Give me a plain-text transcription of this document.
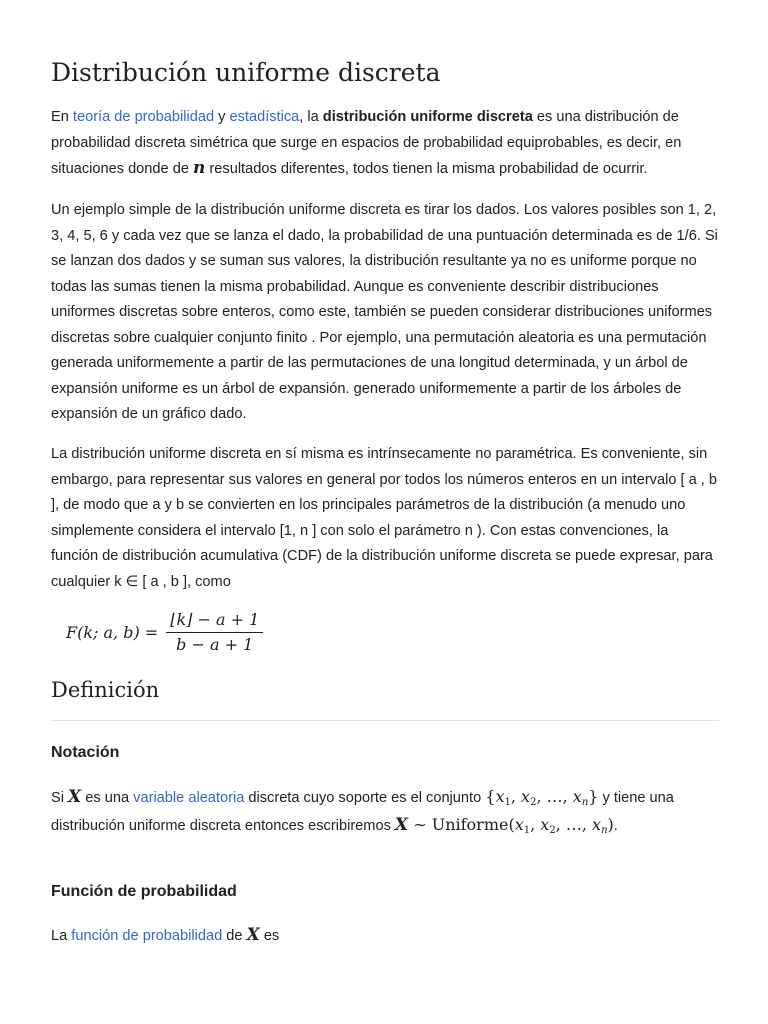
Distribución uniforme discreta

En teoría de probabilidad y estadística, la distribución uniforme discreta es una distribución de probabilidad discreta simétrica que surge en espacios de probabilidad equiprobables, es decir, en situaciones donde de n resultados diferentes, todos tienen la misma probabilidad de ocurrir.

Un ejemplo simple de la distribución uniforme discreta es tirar los dados. Los valores posibles son 1, 2, 3, 4, 5, 6 y cada vez que se lanza el dado, la probabilidad de una puntuación determinada es de 1/6. Si se lanzan dos dados y se suman sus valores, la distribución resultante ya no es uniforme porque no todas las sumas tienen la misma probabilidad. Aunque es conveniente describir distribuciones uniformes discretas sobre enteros, como este, también se pueden considerar distribuciones uniformes discretas sobre cualquier conjunto finito . Por ejemplo, una permutación aleatoria es una permutación generada uniformemente a partir de las permutaciones de una longitud determinada, y un árbol de expansión uniforme es un árbol de expansión. generado uniformemente a partir de los árboles de expansión de un gráfico dado.

La distribución uniforme discreta en sí misma es intrínsecamente no paramétrica. Es conveniente, sin embargo, para representar sus valores en general por todos los números enteros en un intervalo [ a , b ], de modo que a y b se convierten en los principales parámetros de la distribución (a menudo uno simplemente considera el intervalo [1, n ] con solo el parámetro n ). Con estas convenciones, la función de distribución acumulativa (CDF) de la distribución uniforme discreta se puede expresar, para cualquier k ∈ [ a , b ], como

F(k; a, $b) = \frac{⌊k⌋ - a + 1}{b - a + 1}$
Definición
Notación

Si X es una variable aleatoria discreta cuyo soporte es el conjunto {$x_1$, $x_2$, …, $x_n$} y tiene una distribución uniforme discreta entonces escribiremos X ∼ $Uniforme(x_1$, $x_2$, …, $x_n$).

Función de probabilidad

La función de probabilidad de X es
